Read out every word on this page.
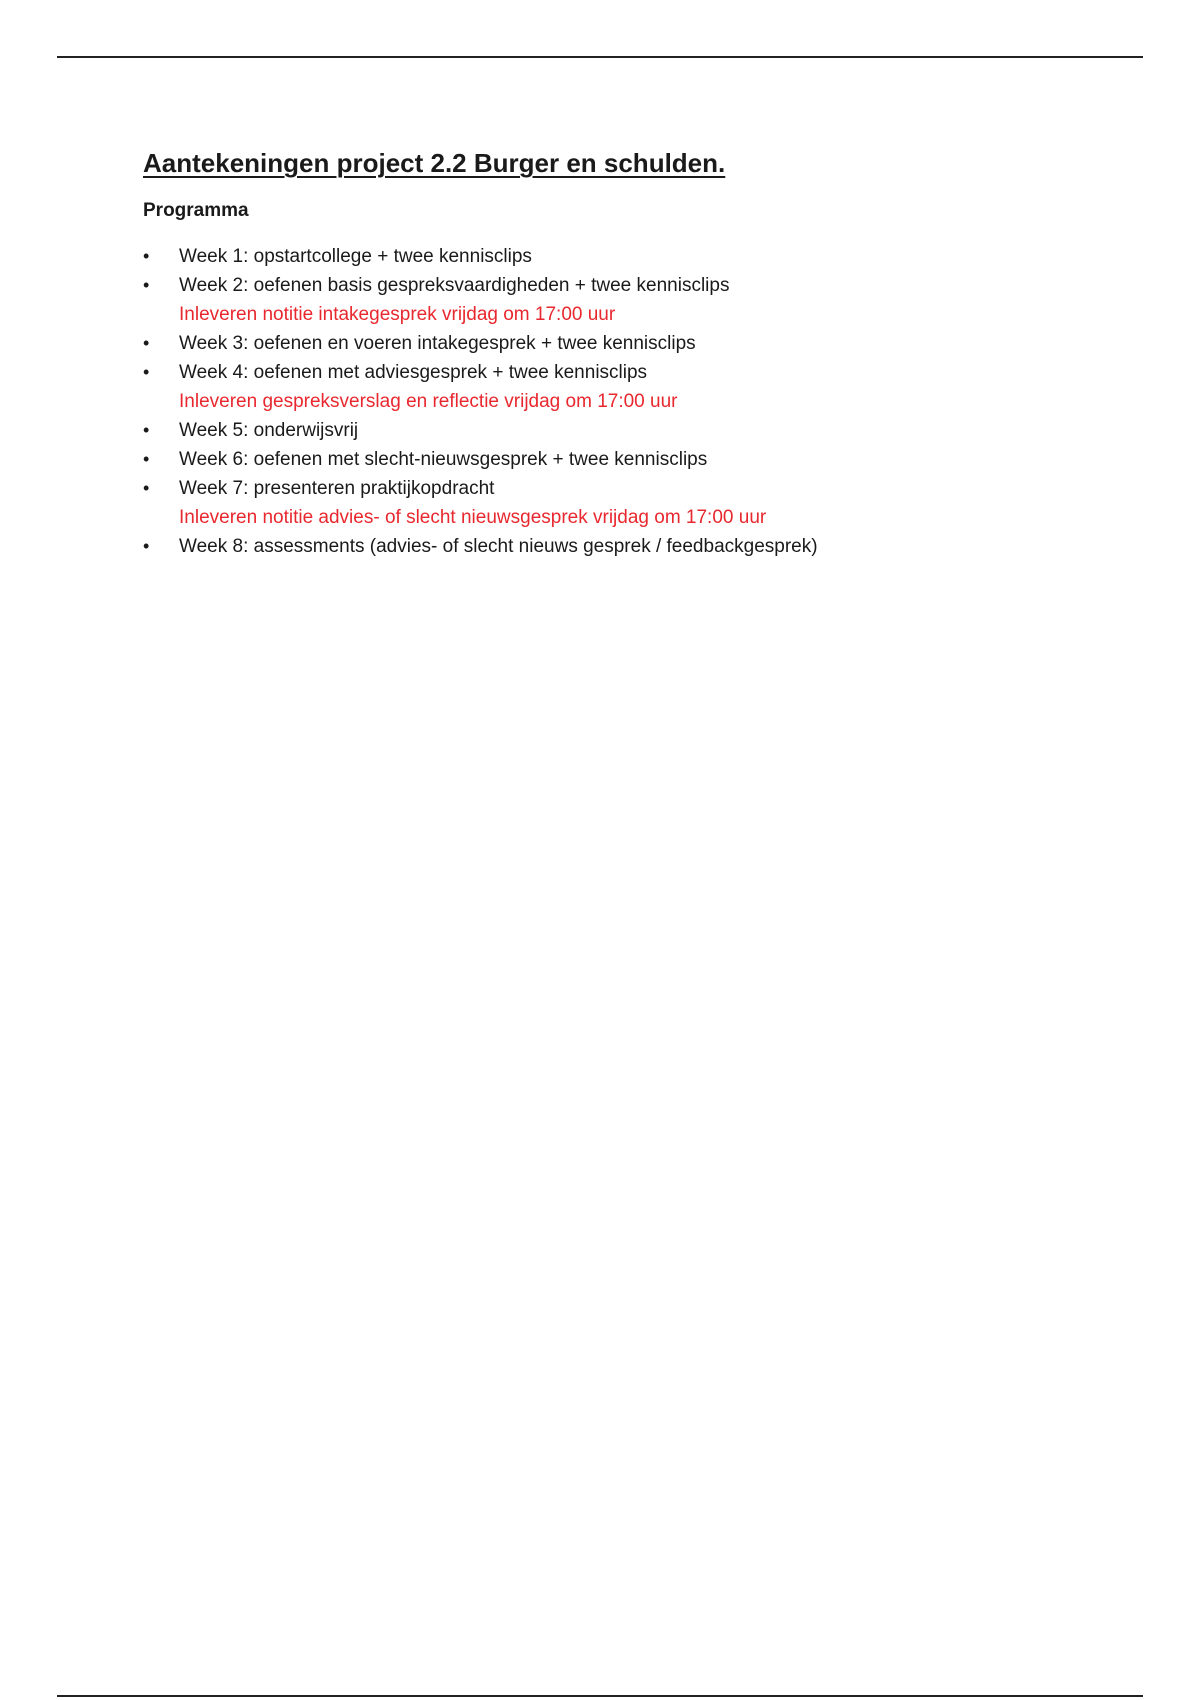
Aantekeningen project 2.2 Burger en schulden.
Programma
•	Week 1: opstartcollege + twee kennisclips
•	Week 2: oefenen basis gespreksvaardigheden + twee kennisclips
Inleveren notitie intakegesprek vrijdag om 17:00 uur
•	Week 3: oefenen en voeren intakegesprek + twee kennisclips
•	Week 4: oefenen met adviesgesprek + twee kennisclips
Inleveren gespreksverslag en reflectie vrijdag om 17:00 uur
•	Week 5: onderwijsvrij
•	Week 6: oefenen met slecht-nieuwsgesprek + twee kennisclips
•	Week 7: presenteren praktijkopdracht
Inleveren notitie advies- of slecht nieuwsgesprek vrijdag om 17:00 uur
•	Week 8: assessments (advies- of slecht nieuws gesprek / feedbackgesprek)
